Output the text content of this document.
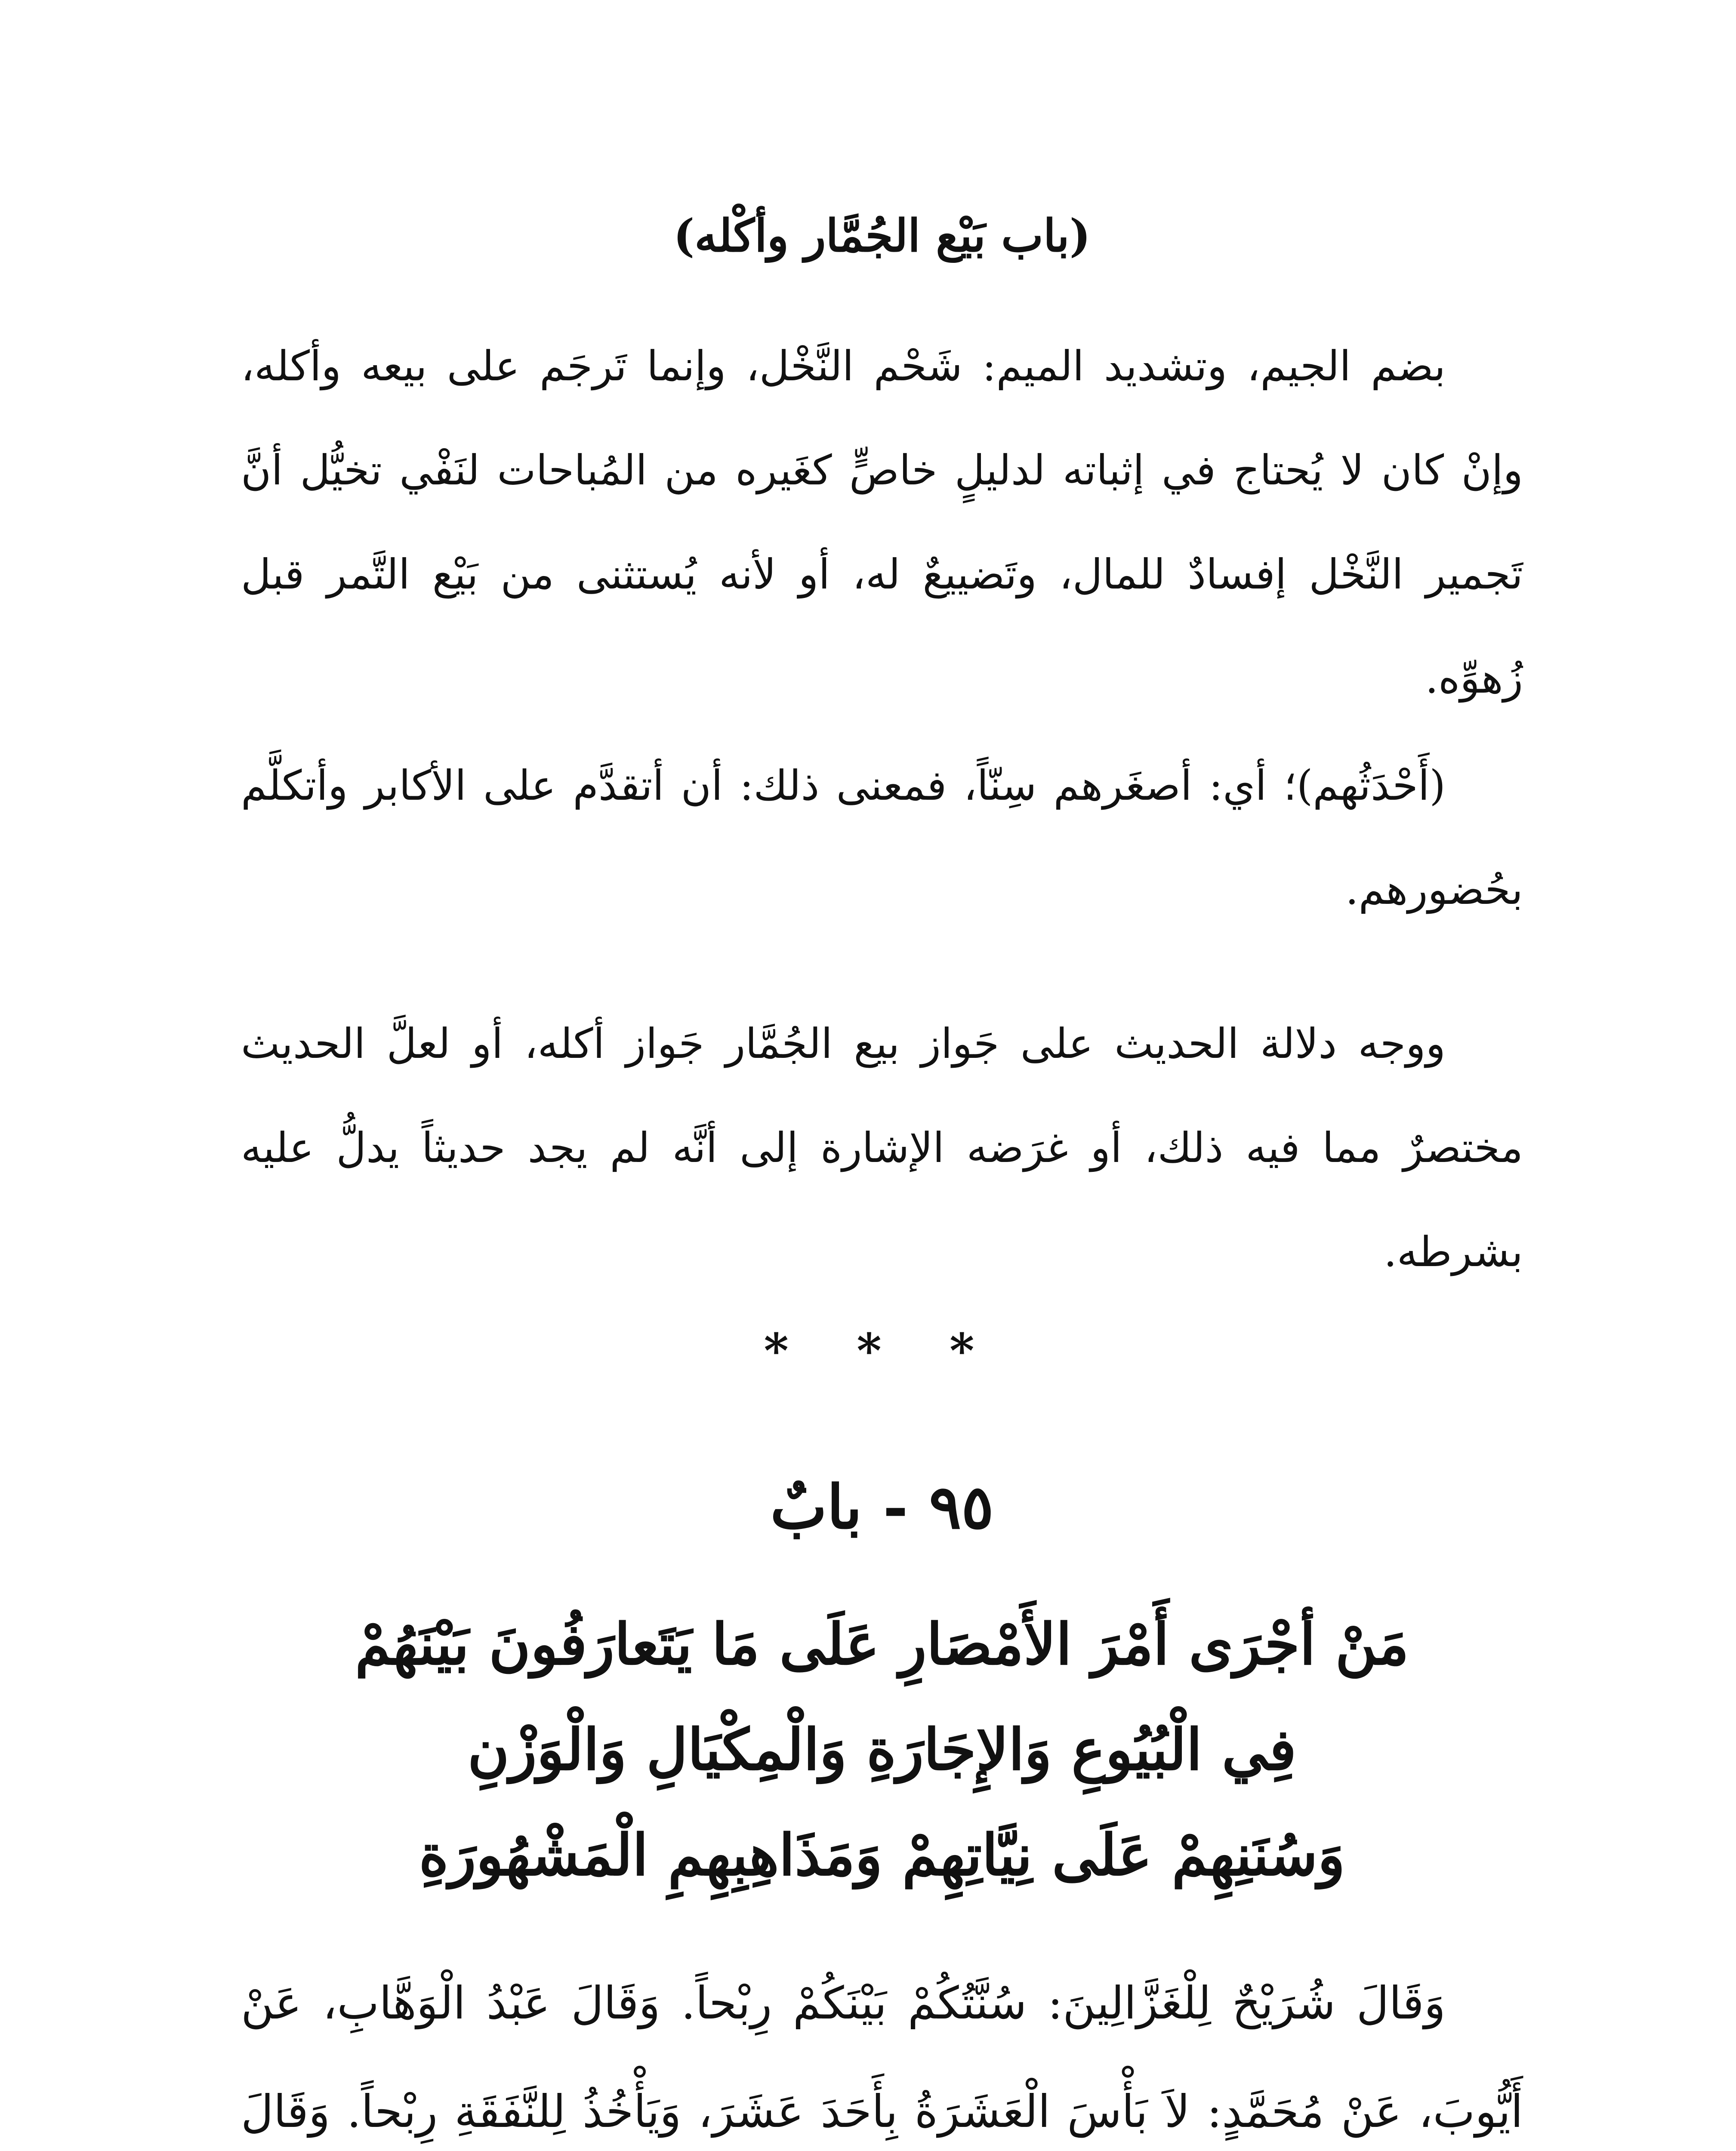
(باب بَيْع الجُمَّار وأكْله)

بضم الجيم، وتشديد الميم: شَحْم النَّخْل، وإنما تَرجَم على بيعه وأكله، وإنْ كان لا يُحتاج في إثباته لدليلٍ خاصٍّ كغَيره من المُباحات لنَفْي تخيُّل أنَّ تَجمير النَّخْل إفسادٌ للمال، وتَضييعٌ له، أو لأنه يُستثنى من بَيْع التَّمر قبل زُهوِّه.

(أَحْدَثُهم)؛ أي: أصغَرهم سِنّاً، فمعنى ذلك: أن أتقدَّم على الأكابر وأتكلَّم بحُضورهم.

ووجه دلالة الحديث على جَواز بيع الجُمَّار جَواز أكله، أو لعلَّ الحديث مختصرٌ مما فيه ذلك، أو غرَضه الإشارة إلى أنَّه لم يجد حديثاً يدلُّ عليه بشرطه.

* * *
٩٥ - بابٌ
مَنْ أجْرَى أَمْرَ الأَمْصَارِ عَلَى مَا يَتَعارَفُونَ بَيْنَهُمْ
فِي الْبُيُوعِ وَالإِجَارَةِ وَالْمِكْيَالِ وَالْوَزْنِ
وَسُنَنِهِمْ عَلَى نِيَّاتِهِمْ وَمَذَاهِبِهِمِ الْمَشْهُورَةِ

وَقَالَ شُرَيْحٌ لِلْغَزَّالِينَ: سُنَّتُكُمْ بَيْنَكُمْ رِبْحاً. وَقَالَ عَبْدُ الْوَهَّابِ، عَنْ أَيُّوبَ، عَنْ مُحَمَّدٍ: لاَ بَأْسَ الْعَشَرَةُ بِأَحَدَ عَشَرَ، وَيَأْخُذُ لِلنَّفَقَةِ رِبْحاً. وَقَالَ
